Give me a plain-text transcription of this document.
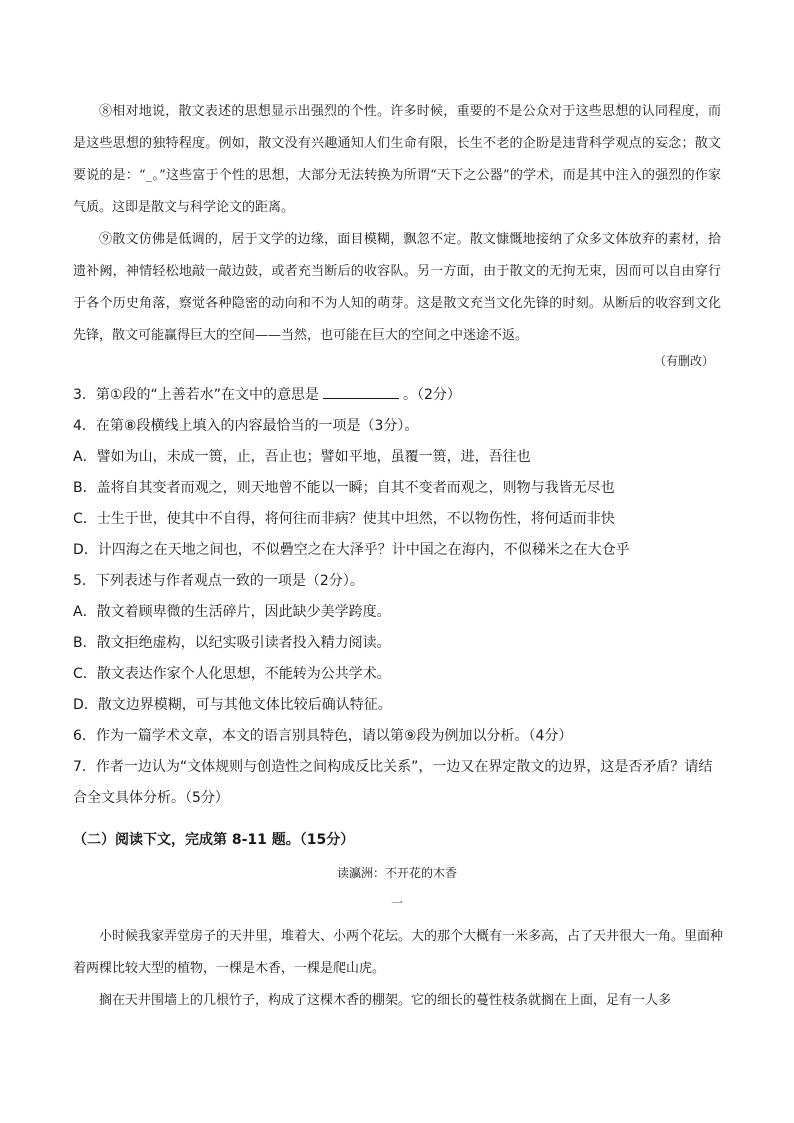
⑧相对地说，散文表述的思想显示出强烈的个性。许多时候，重要的不是公众对于这些思想的认同程度，而是这些思想的独特程度。例如，散文没有兴趣通知人们生命有限，长生不老的企盼是违背科学观点的妄念；散文要说的是：“_。”这些富于个性的思想，大部分无法转换为所谓“天下之公器”的学术，而是其中注入的强烈的作家气质。这即是散文与科学论文的距离。

⑨散文仿佛是低调的，居于文学的边缘，面目模糊，飘忽不定。散文慷慨地接纳了众多文体放弃的素材，拾遗补阙，神情轻松地敲一敲边鼓，或者充当断后的收容队。另一方面，由于散文的无拘无束，因而可以自由穿行于各个历史角落，察觉各种隐密的动向和不为人知的萌芽。这是散文充当文化先锋的时刻。从断后的收容到文化先锋，散文可能赢得巨大的空间——当然，也可能在巨大的空间之中迷途不返。

（有删改）

3．第①段的“上善若水”在文中的意思是	。（2分）

4．在第⑧段横线上填入的内容最恰当的一项是（3分）。

A．譬如为山，未成一篑，止，吾止也；譬如平地，虽覆一篑，进，吾往也

B．盖将自其变者而观之，则天地曾不能以一瞬；自其不变者而观之，则物与我皆无尽也

C．士生于世，使其中不自得，将何往而非病？使其中坦然，不以物伤性，将何适而非快

D．计四海之在天地之间也，不似礨空之在大泽乎？计中国之在海内，不似稊米之在大仓乎

5．下列表述与作者观点一致的一项是（2分）。

A．散文着顾卑微的生活碎片，因此缺少美学跨度。

B．散文拒绝虚构，以纪实吸引读者投入精力阅读。

C．散文表达作家个人化思想，不能转为公共学术。

D．散文边界模糊，可与其他文体比较后确认特征。

6．作为一篇学术文章，本文的语言别具特色，请以第⑨段为例加以分析。（4分）

7．作者一边认为“文体规则与创造性之间构成反比关系”，一边又在界定散文的边界，这是否矛盾？请结合全文具体分析。（5分）

（二）阅读下文，完成第 8-11 题。（15分）
读瀛洲：不开花的木香
一

小时候我家弄堂房子的天井里，堆着大、小两个花坛。大的那个大概有一米多高，占了天井很大一角。里面种着两棵比较大型的植物，一棵是木香，一棵是爬山虎。

搁在天井围墙上的几根竹子，构成了这棵木香的棚架。它的细长的蔓性枝条就搁在上面，足有一人多
